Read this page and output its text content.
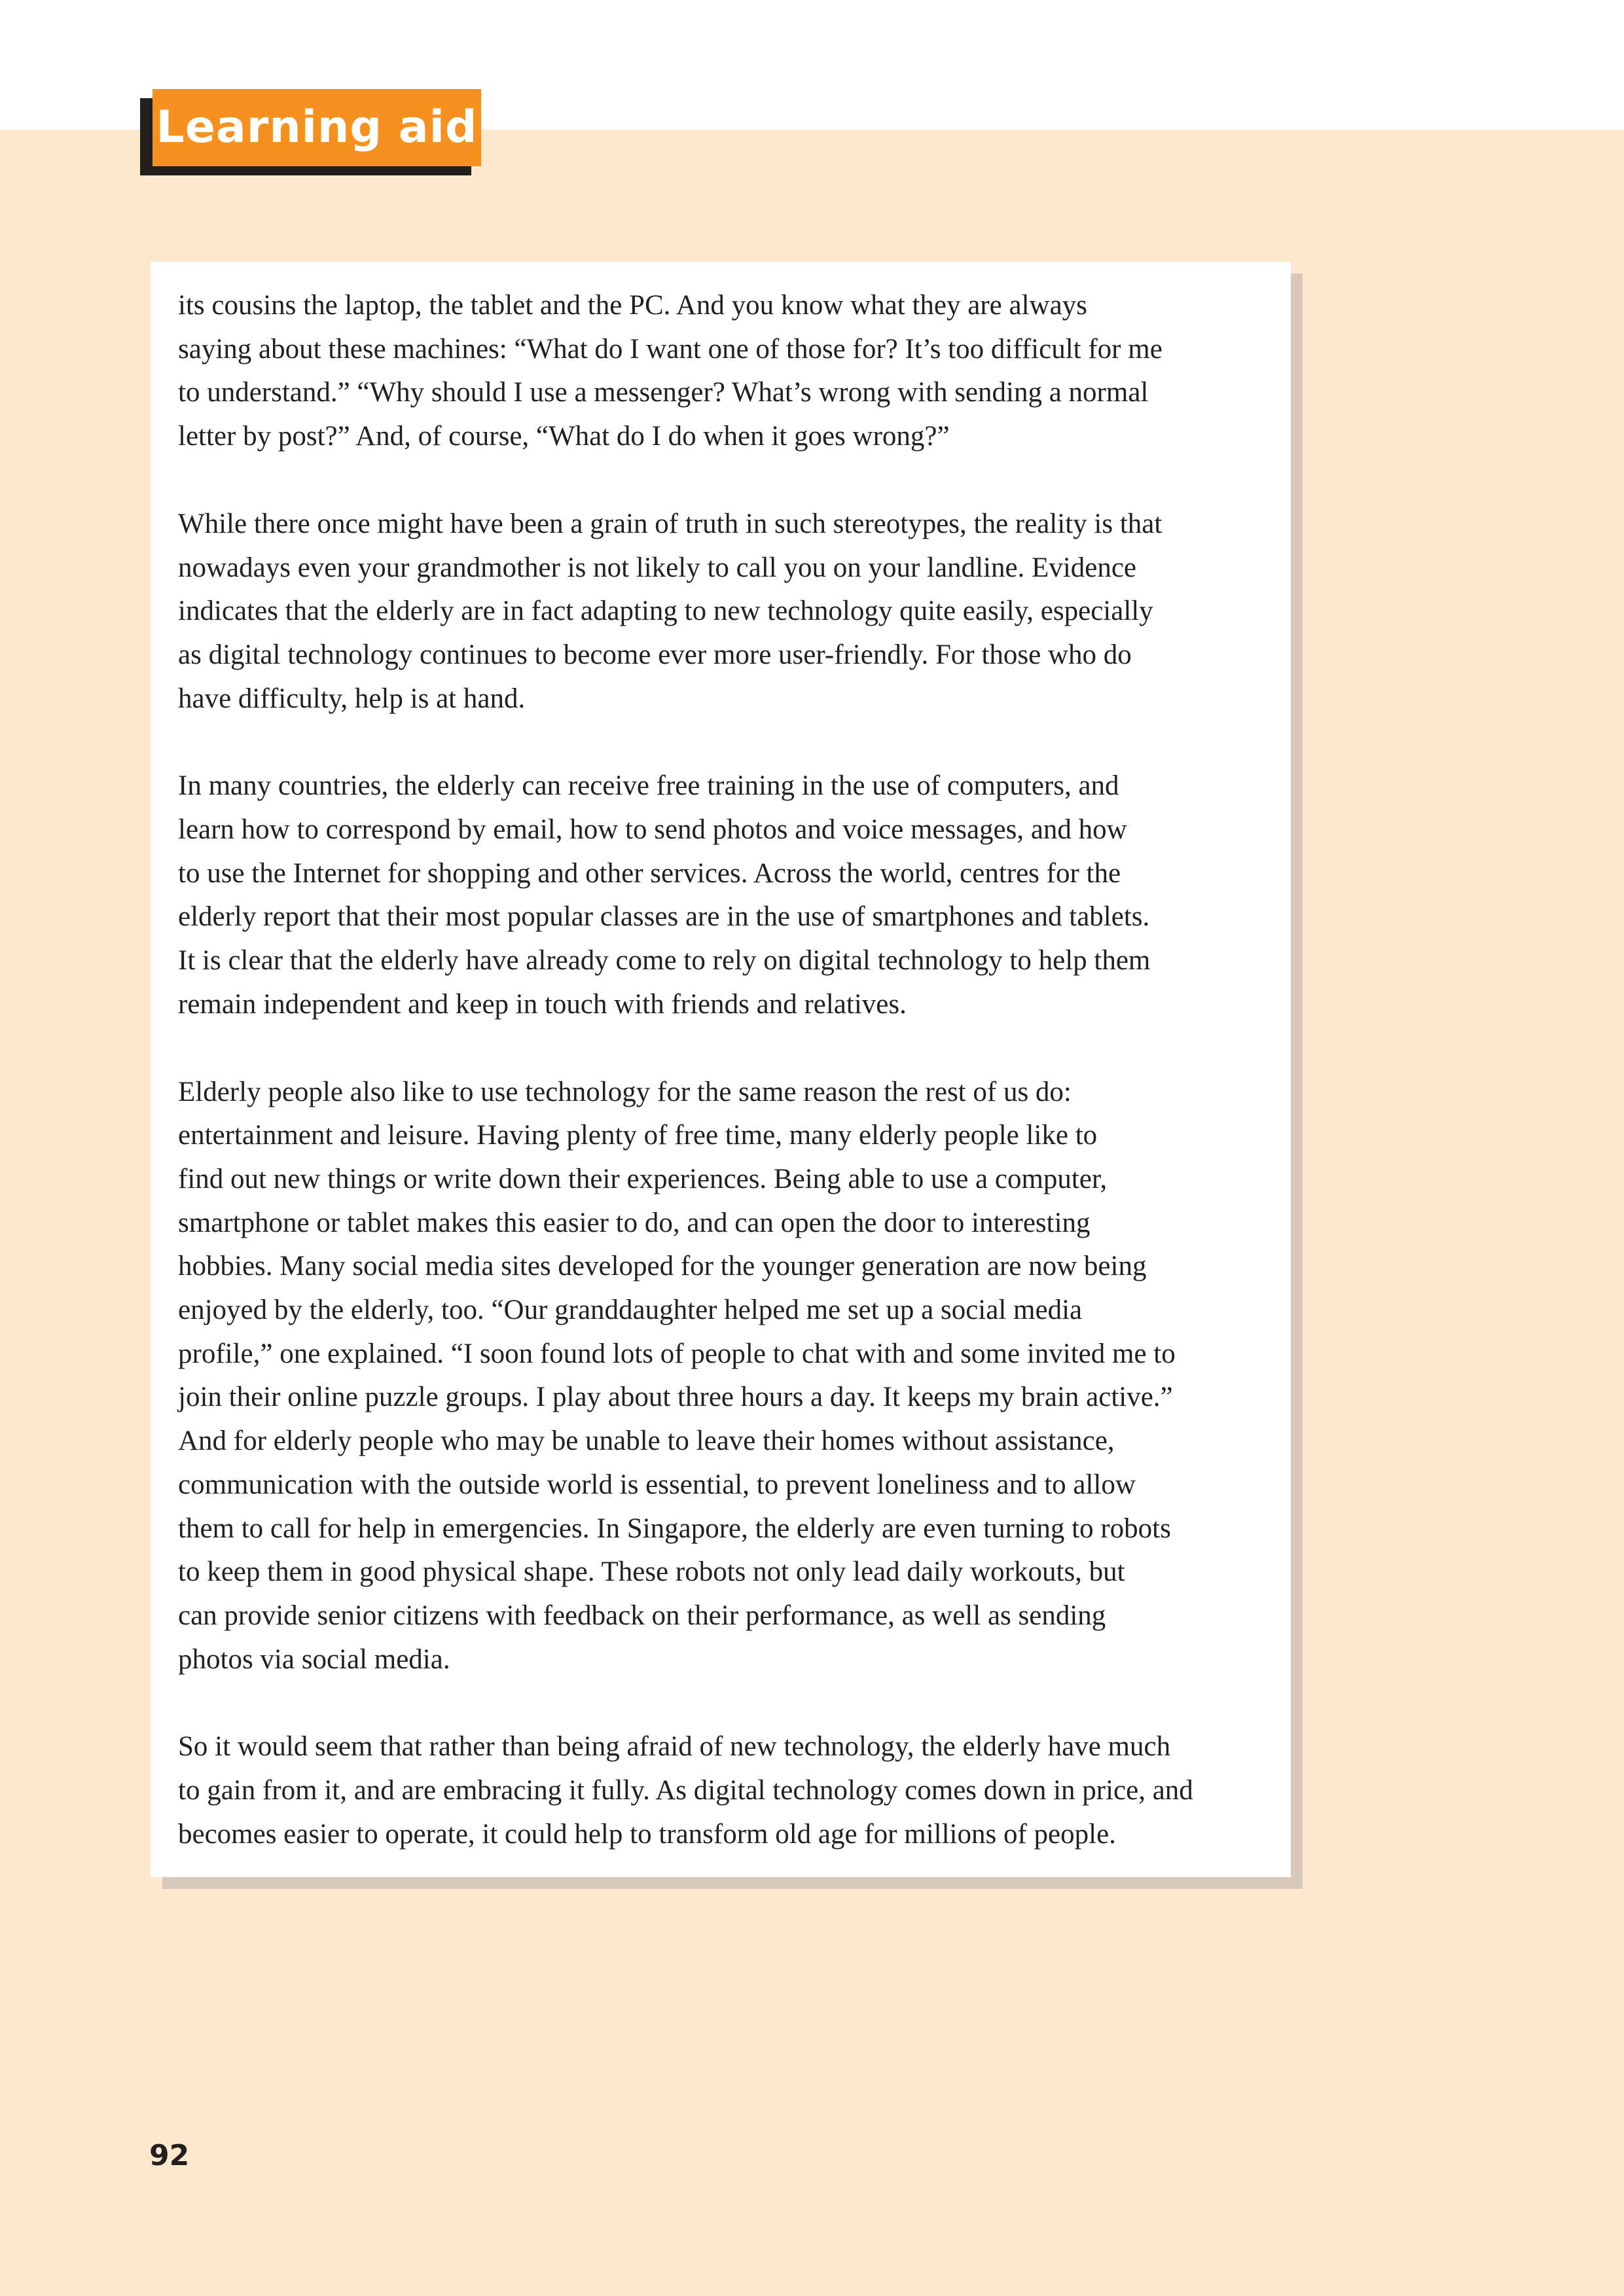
Learning aid

its cousins the laptop, the tablet and the PC. And you know what they are always
saying about these machines: “What do I want one of those for? It’s too difficult for me
to understand.” “Why should I use a messenger? What’s wrong with sending a normal
letter by post?” And, of course, “What do I do when it goes wrong?”

While there once might have been a grain of truth in such stereotypes, the reality is that
nowadays even your grandmother is not likely to call you on your landline. Evidence
indicates that the elderly are in fact adapting to new technology quite easily, especially
as digital technology continues to become ever more user-friendly. For those who do
have difficulty, help is at hand.

In many countries, the elderly can receive free training in the use of computers, and
learn how to correspond by email, how to send photos and voice messages, and how
to use the Internet for shopping and other services. Across the world, centres for the
elderly report that their most popular classes are in the use of smartphones and tablets.
It is clear that the elderly have already come to rely on digital technology to help them
remain independent and keep in touch with friends and relatives.

Elderly people also like to use technology for the same reason the rest of us do:
entertainment and leisure. Having plenty of free time, many elderly people like to
find out new things or write down their experiences. Being able to use a computer,
smartphone or tablet makes this easier to do, and can open the door to interesting
hobbies. Many social media sites developed for the younger generation are now being
enjoyed by the elderly, too. “Our granddaughter helped me set up a social media
profile,” one explained. “I soon found lots of people to chat with and some invited me to
join their online puzzle groups. I play about three hours a day. It keeps my brain active.”
And for elderly people who may be unable to leave their homes without assistance,
communication with the outside world is essential, to prevent loneliness and to allow
them to call for help in emergencies. In Singapore, the elderly are even turning to robots
to keep them in good physical shape. These robots not only lead daily workouts, but
can provide senior citizens with feedback on their performance, as well as sending
photos via social media.

So it would seem that rather than being afraid of new technology, the elderly have much
to gain from it, and are embracing it fully. As digital technology comes down in price, and
becomes easier to operate, it could help to transform old age for millions of people.

92
